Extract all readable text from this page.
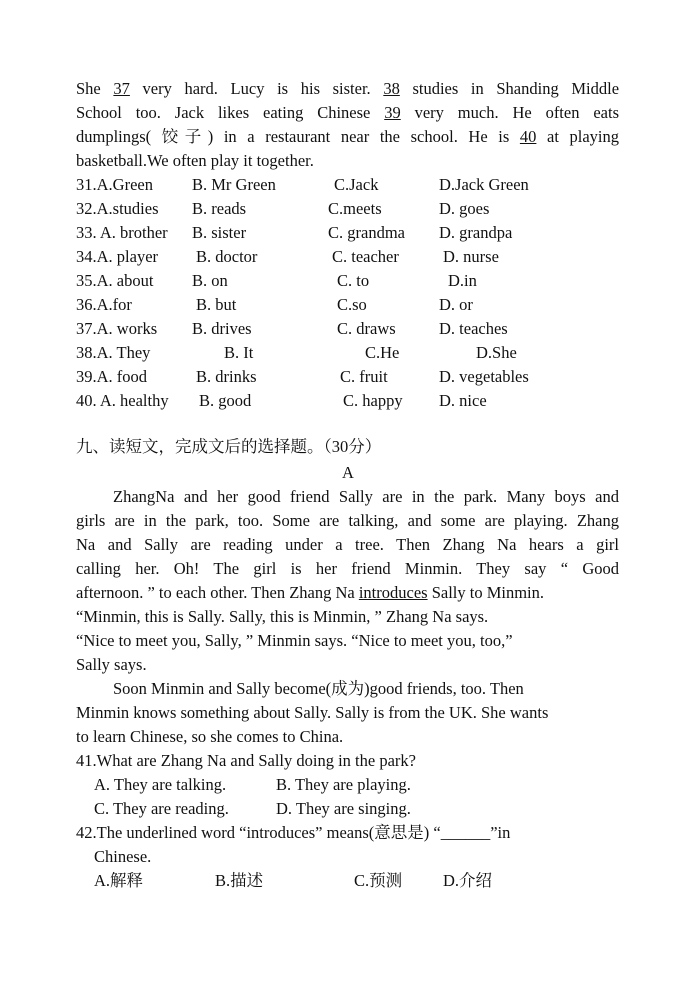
She 37 very hard. Lucy is his sister. 38 studies in Shanding Middle
School too. Jack likes eating Chinese 39 very much. He often eats
dumplings( 饺子) in a restaurant near the school. He is 40 at playing
basketball.We often play it together.
31.A.Green B. Mr Green	C.Jack	D.Jack Green
32.A.studies B. reads	C.meets	D. goes
33. A. brother B. sister	C. grandma D. grandpa
34.A. player B. doctor	C. teacher	D. nurse
35.A. about B. on	C. to	D.in
36.A.for	B. but	C.so	D. or
37.A. works B. drives	C. draws	D. teaches
38.A. They	B. It	C.He	D.She
39.A. food	B. drinks	C. fruit	D. vegetables
40. A. healthy B. good	C. happy D. nice
九、读短文，完成文后的选择题。（30分）
A
ZhangNa and her good friend Sally are in the park. Many boys and
girls are in the park, too. Some are talking, and some are playing. Zhang
Na and Sally are reading under a tree. Then Zhang Na hears a girl
calling her. Oh! The girl is her friend Minmin. They say “ Good
afternoon. ” to each other. Then Zhang Na introduces Sally to Minmin.
“Minmin, this is Sally. Sally, this is Minmin, ” Zhang Na says.
“Nice to meet you, Sally, ” Minmin says. “Nice to meet you, too,”
Sally says.
Soon Minmin and Sally become(成为)good friends, too. Then
Minmin knows something about Sally. Sally is from the UK. She wants
to learn Chinese, so she comes to China.
41.What are Zhang Na and Sally doing in the park?
A. They are talking.	B. They are playing.
C. They are reading.	D. They are singing.
42.The underlined word “introduces” means(意思是) “______”in
Chinese.
A.解释	B.描述	C.预测 D.介绍
